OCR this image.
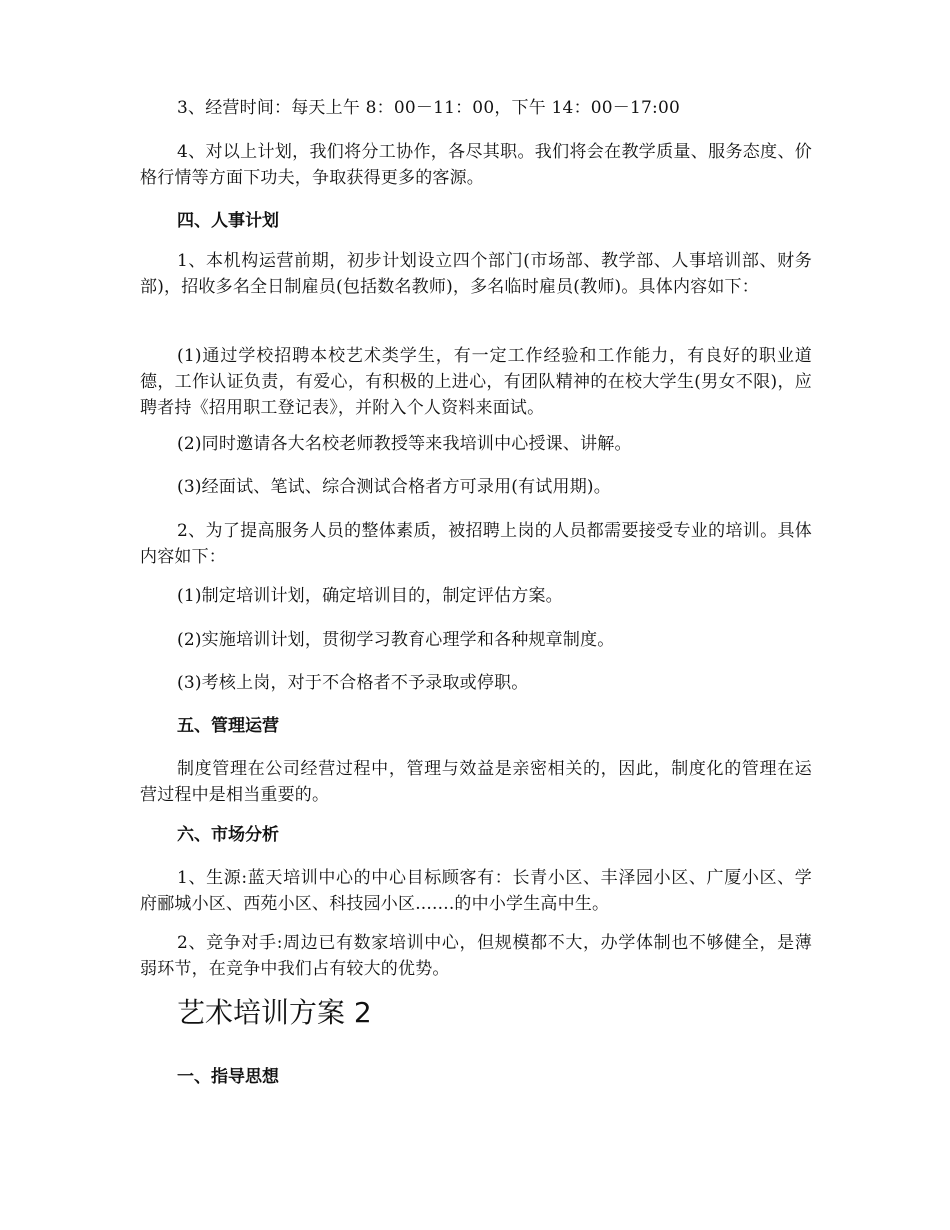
3、经营时间：每天上午 8：00－11：00，下午 14：00－17:00

4、对以上计划，我们将分工协作，各尽其职。我们将会在教学质量、服务态度、价格行情等方面下功夫，争取获得更多的客源。

四、人事计划

1、本机构运营前期，初步计划设立四个部门(市场部、教学部、人事培训部、财务部)，招收多名全日制雇员(包括数名教师)，多名临时雇员(教师)。具体内容如下：

(1)通过学校招聘本校艺术类学生，有一定工作经验和工作能力，有良好的职业道德，工作认证负责，有爱心，有积极的上进心，有团队精神的在校大学生(男女不限)，应聘者持《招用职工登记表》，并附入个人资料来面试。

(2)同时邀请各大名校老师教授等来我培训中心授课、讲解。

(3)经面试、笔试、综合测试合格者方可录用(有试用期)。

2、为了提高服务人员的整体素质，被招聘上岗的人员都需要接受专业的培训。具体内容如下：

(1)制定培训计划，确定培训目的，制定评估方案。

(2)实施培训计划，贯彻学习教育心理学和各种规章制度。

(3)考核上岗，对于不合格者不予录取或停职。

五、管理运营

制度管理在公司经营过程中，管理与效益是亲密相关的，因此，制度化的管理在运营过程中是相当重要的。

六、市场分析

1、生源:蓝天培训中心的中心目标顾客有：长青小区、丰泽园小区、广厦小区、学府郦城小区、西苑小区、科技园小区.......的中小学生高中生。

2、竞争对手:周边已有数家培训中心，但规模都不大，办学体制也不够健全，是薄弱环节，在竞争中我们占有较大的优势。

艺术培训方案 2
一、指导思想
